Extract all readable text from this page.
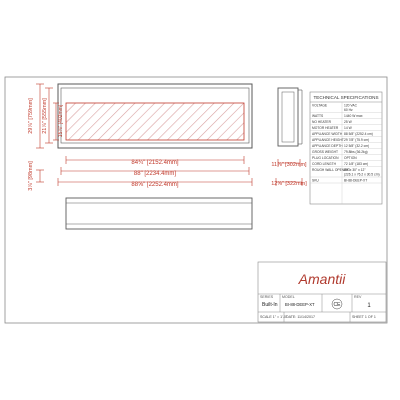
29⅞" [759mm] 21⅞" [555mm] 15⅞" [402mm]
3⅞" [98mm]	84¾" [2152.4mm]
88" [2234.4mm]
88⅝" [2252.4mm]
11⅞" [302mm]
12⅝" [322mm]
TECHNICAL SPECIFICATIONS
VOLTAGE	120 VAC
60 Hz
WATTS	1440 W max
NO HEATER	25 W
MOTOR HEATER 14 W
APPLIANCE WIDTH 88 5/8" (2252.4 cm)
APPLIANCE HEIGHT 29 7/8" (75.9 cm)
APPLIANCE DEPTH 12 5/8" (32.2 cm)
GROSS WEIGHT 79.8lbs (36.2kg)
PLUG LOCATION OPTION
CORD LENGTH 72 1/8" (183 cm)
ROUGH WALL OPENING
89" x 30" x 12"
(226.1 x 76.2 x 30.5 cm)
SKU	BI-88-DEEP-XT
Amantii
SERIES
Built-In
MODEL
BI-88-DEEP-XT	CE
REV
1
SCALE 1" = 1'-0"
DATE: 11/14/2017	SHEET 1 OF 1
